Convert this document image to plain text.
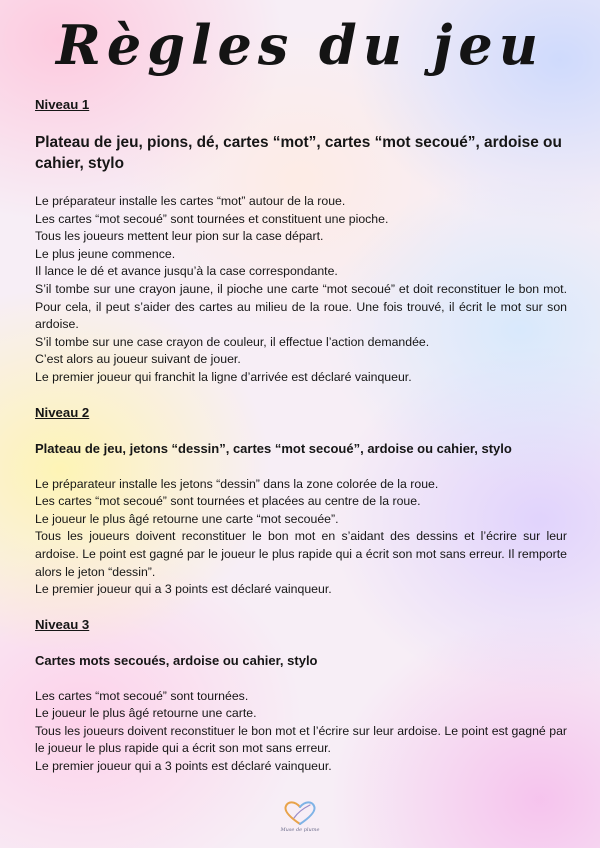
Règles du jeu
Niveau 1
Plateau de jeu, pions, dé, cartes “mot”, cartes “mot secoué”, ardoise ou cahier, stylo
Le préparateur installe les cartes “mot” autour de la roue.
Les cartes “mot secoué” sont tournées et constituent une pioche.
Tous les joueurs mettent leur pion sur la case départ.
Le plus jeune commence.
Il lance le dé et avance jusqu’à la case correspondante.
S’il tombe sur une crayon jaune, il pioche une carte “mot secoué” et doit reconstituer le bon mot. Pour cela, il peut s’aider des cartes au milieu de la roue. Une fois trouvé, il écrit le mot sur son ardoise.
S’il tombe sur une case crayon de couleur, il effectue l’action demandée.
C’est alors au joueur suivant de jouer.
Le premier joueur qui franchit la ligne d’arrivée est déclaré vainqueur.
Niveau 2
Plateau de jeu, jetons “dessin”, cartes “mot secoué”, ardoise ou cahier, stylo
Le préparateur installe les jetons “dessin” dans la zone colorée de la roue.
Les cartes “mot secoué” sont tournées et placées au centre de la roue.
Le joueur le plus âgé retourne une carte “mot secouée”.
Tous les joueurs doivent reconstituer le bon mot en s’aidant des dessins et l’écrire sur leur ardoise. Le point est gagné par le joueur le plus rapide qui a écrit son mot sans erreur. Il remporte alors le jeton “dessin”.
Le premier joueur qui a 3 points est déclaré vainqueur.
Niveau 3
Cartes mots secoués, ardoise ou cahier, stylo
Les cartes “mot secoué” sont tournées.
Le joueur le plus âgé retourne une carte.
Tous les joueurs doivent reconstituer le bon mot et l’écrire sur leur ardoise. Le point est gagné par le joueur le plus rapide qui a écrit son mot sans erreur.
Le premier joueur qui a 3 points est déclaré vainqueur.
Muse de plume
